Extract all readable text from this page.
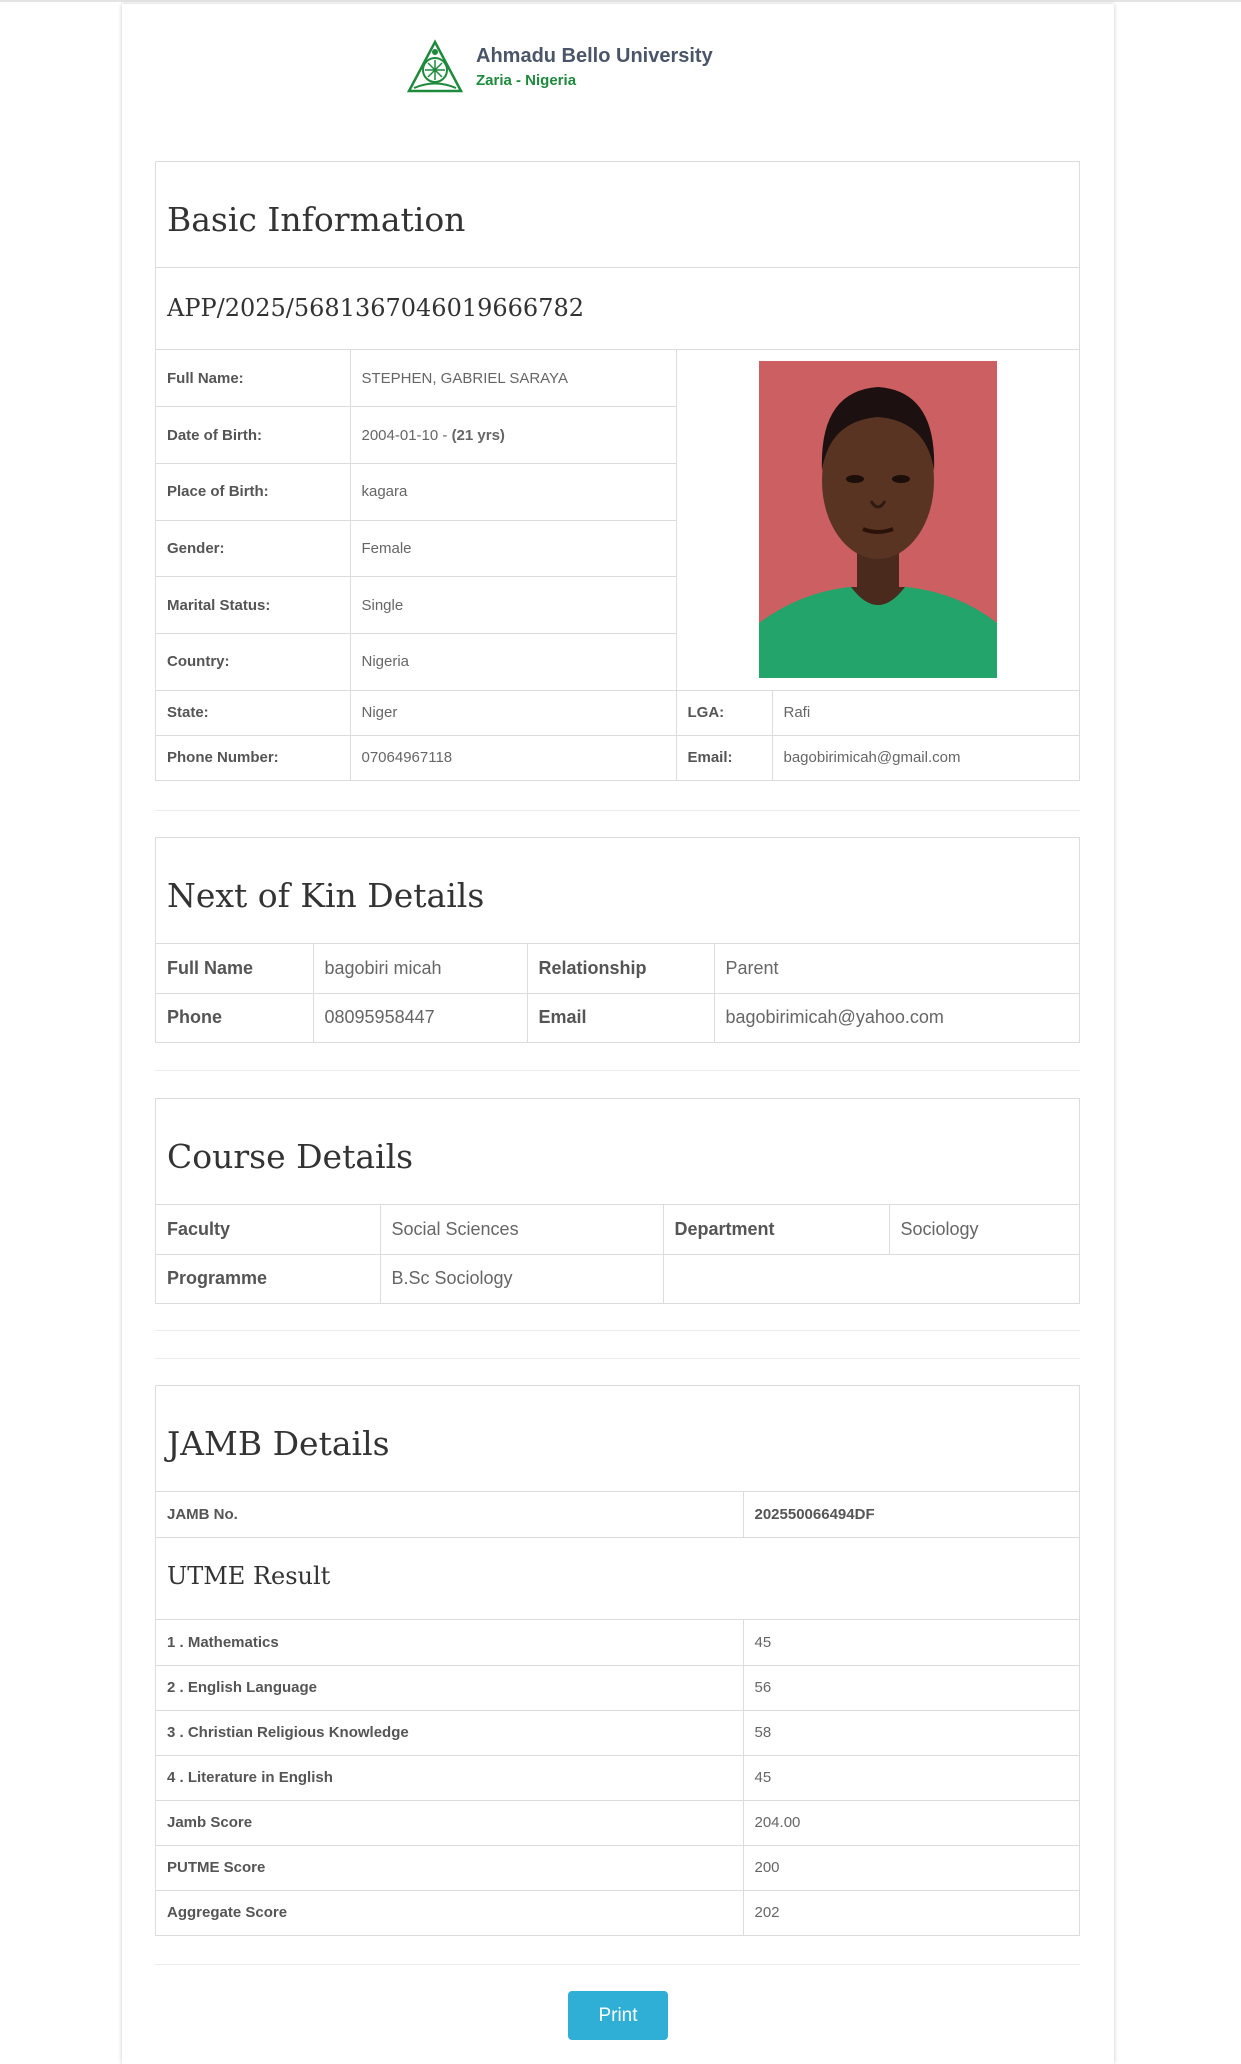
Ahmadu Bello University
Zaria - Nigeria
Basic Information
APP/2025/5681367046019666782
Full Name:	STEPHEN, GABRIEL SARAYA	
Date of Birth:	2004-01-10 - (21 yrs)		
Place of Birth:	kagara		
Gender:	Female		
Marital Status:	Single		
Country:	Nigeria		
State:	Niger	LGA:	Rafi
Phone Number:	07064967118	Email:	bagobirimicah@gmail.com
Next of Kin Details
Full Name	bagobiri micah	Relationship	Parent
Phone	08095958447	Email	bagobirimicah@yahoo.com
Course Details
Faculty	Social Sciences	Department	Sociology
Programme	B.Sc Sociology		
JAMB Details
JAMB No.	202550066494DF
UTME Result
1 . Mathematics	45
2 . English Language	56
3 . Christian Religious Knowledge	58
4 . Literature in English	45
Jamb Score	204.00
PUTME Score	200
Aggregate Score	202
Print
